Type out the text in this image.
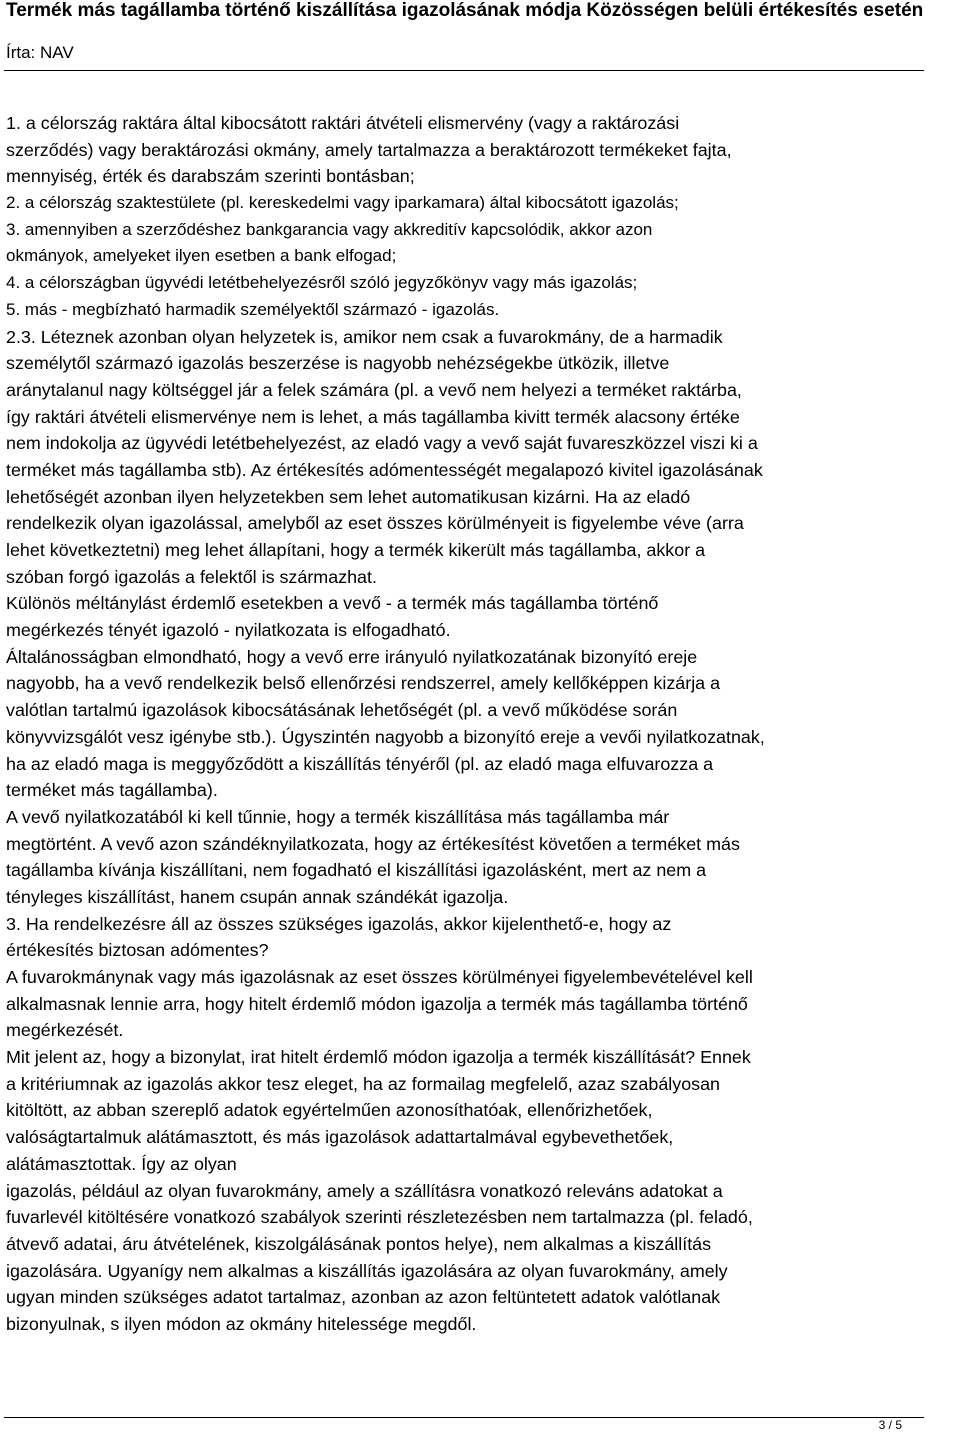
Termék más tagállamba történő kiszállítása igazolásának módja Közösségen belüli értékesítés esetén
Írta: NAV
1. a célország raktára által kibocsátott raktári átvételi elismervény (vagy a raktározási
szerződés) vagy beraktározási okmány, amely tartalmazza a beraktározott termékeket fajta,
mennyiség, érték és darabszám szerinti bontásban;
2. a célország szaktestülete (pl. kereskedelmi vagy iparkamara) által kibocsátott igazolás;
3. amennyiben a szerződéshez bankgarancia vagy akkreditív kapcsolódik, akkor azon
okmányok, amelyeket ilyen esetben a bank elfogad;
4. a célországban ügyvédi letétbehelyezésről szóló jegyzőkönyv vagy más igazolás;
5. más - megbízható harmadik személyektől származó - igazolás.
2.3. Léteznek azonban olyan helyzetek is, amikor nem csak a fuvarokmány, de a harmadik
személytől származó igazolás beszerzése is nagyobb nehézségekbe ütközik, illetve
aránytalanul nagy költséggel jár a felek számára (pl. a vevő nem helyezi a terméket raktárba,
így raktári átvételi elismervénye nem is lehet, a más tagállamba kivitt termék alacsony értéke
nem indokolja az ügyvédi letétbehelyezést, az eladó vagy a vevő saját fuvareszközzel viszi ki a
terméket más tagállamba stb). Az értékesítés adómentességét megalapozó kivitel igazolásának
lehetőségét azonban ilyen helyzetekben sem lehet automatikusan kizárni. Ha az eladó
rendelkezik olyan igazolással, amelyből az eset összes körülményeit is figyelembe véve (arra
lehet következtetni) meg lehet állapítani, hogy a termék kikerült más tagállamba, akkor a
szóban forgó igazolás a felektől is származhat.
Különös méltánylást érdemlő esetekben a vevő - a termék más tagállamba történő
megérkezés tényét igazoló - nyilatkozata is elfogadható.
Általánosságban elmondható, hogy a vevő erre irányuló nyilatkozatának bizonyító ereje
nagyobb, ha a vevő rendelkezik belső ellenőrzési rendszerrel, amely kellőképpen kizárja a
valótlan tartalmú igazolások kibocsátásának lehetőségét (pl. a vevő működése során
könyvvizsgálót vesz igénybe stb.). Úgyszintén nagyobb a bizonyító ereje a vevői nyilatkozatnak,
ha az eladó maga is meggyőződött a kiszállítás tényéről (pl. az eladó maga elfuvarozza a
terméket más tagállamba).
A vevő nyilatkozatából ki kell tűnnie, hogy a termék kiszállítása más tagállamba már
megtörtént. A vevő azon szándéknyilatkozata, hogy az értékesítést követően a terméket más
tagállamba kívánja kiszállítani, nem fogadható el kiszállítási igazolásként, mert az nem a
tényleges kiszállítást, hanem csupán annak szándékát igazolja.
3. Ha rendelkezésre áll az összes szükséges igazolás, akkor kijelenthető-e, hogy az
értékesítés biztosan adómentes?
A fuvarokmánynak vagy más igazolásnak az eset összes körülményei figyelembevételével kell
alkalmasnak lennie arra, hogy hitelt érdemlő módon igazolja a termék más tagállamba történő
megérkezését.
Mit jelent az, hogy a bizonylat, irat hitelt érdemlő módon igazolja a termék kiszállítását? Ennek
a kritériumnak az igazolás akkor tesz eleget, ha az formailag megfelelő, azaz szabályosan
kitöltött, az abban szereplő adatok egyértelműen azonosíthatóak, ellenőrizhetőek,
valóságtartalmuk alátámasztott, és más igazolások adattartalmával egybevethetőek,
alátámasztottak. Így az olyan
igazolás, például az olyan fuvarokmány, amely a szállításra vonatkozó releváns adatokat a
fuvarlevél kitöltésére vonatkozó szabályok szerinti részletezésben nem tartalmazza (pl. feladó,
átvevő adatai, áru átvételének, kiszolgálásának pontos helye), nem alkalmas a kiszállítás
igazolására. Ugyanígy nem alkalmas a kiszállítás igazolására az olyan fuvarokmány, amely
ugyan minden szükséges adatot tartalmaz, azonban az azon feltüntetett adatok valótlanak
bizonyulnak, s ilyen módon az okmány hitelessége megdől.
3 / 5
